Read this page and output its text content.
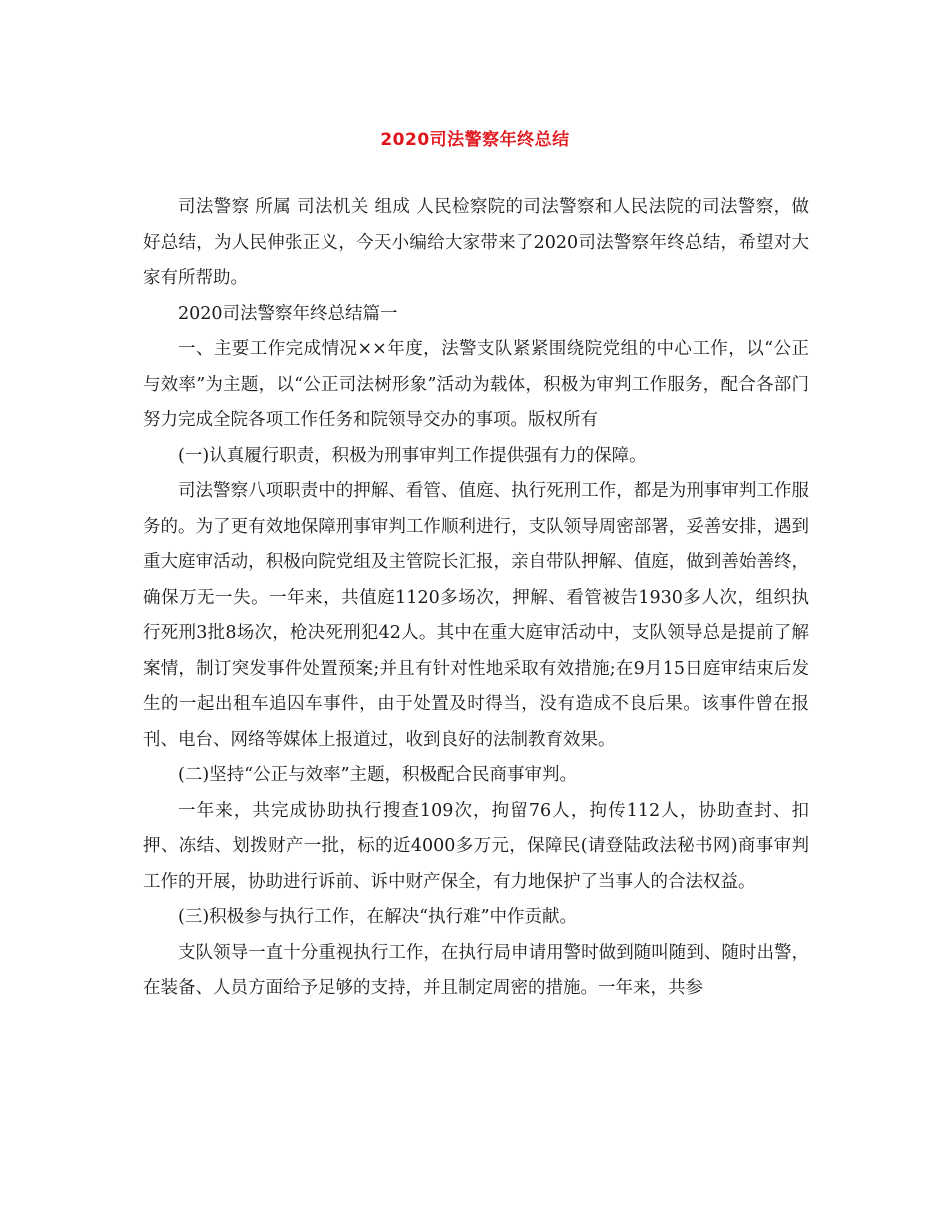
2020司法警察年终总结

司法警察 所属 司法机关 组成 人民检察院的司法警察和人民法院的司法警察，做好总结，为人民伸张正义，今天小编给大家带来了2020司法警察年终总结，希望对大家有所帮助。

2020司法警察年终总结篇一

一、主要工作完成情况××年度，法警支队紧紧围绕院党组的中心工作，以“公正与效率”为主题，以“公正司法树形象”活动为载体，积极为审判工作服务，配合各部门努力完成全院各项工作任务和院领导交办的事项。版权所有

(一)认真履行职责，积极为刑事审判工作提供强有力的保障。

司法警察八项职责中的押解、看管、值庭、执行死刑工作，都是为刑事审判工作服务的。为了更有效地保障刑事审判工作顺利进行，支队领导周密部署，妥善安排，遇到重大庭审活动，积极向院党组及主管院长汇报，亲自带队押解、值庭，做到善始善终，确保万无一失。一年来，共值庭1120多场次，押解、看管被告1930多人次，组织执行死刑3批8场次，枪决死刑犯42人。其中在重大庭审活动中，支队领导总是提前了解案情，制订突发事件处置预案;并且有针对性地采取有效措施;在9月15日庭审结束后发生的一起出租车追囚车事件，由于处置及时得当，没有造成不良后果。该事件曾在报刊、电台、网络等媒体上报道过，收到良好的法制教育效果。

(二)坚持“公正与效率”主题，积极配合民商事审判。

一年来，共完成协助执行搜查109次，拘留76人，拘传112人，协助查封、扣押、冻结、划拨财产一批，标的近4000多万元，保障民(请登陆政法秘书网)商事审判工作的开展，协助进行诉前、诉中财产保全，有力地保护了当事人的合法权益。

(三)积极参与执行工作，在解决“执行难”中作贡献。

支队领导一直十分重视执行工作，在执行局申请用警时做到随叫随到、随时出警，在装备、人员方面给予足够的支持，并且制定周密的措施。一年来，共参
